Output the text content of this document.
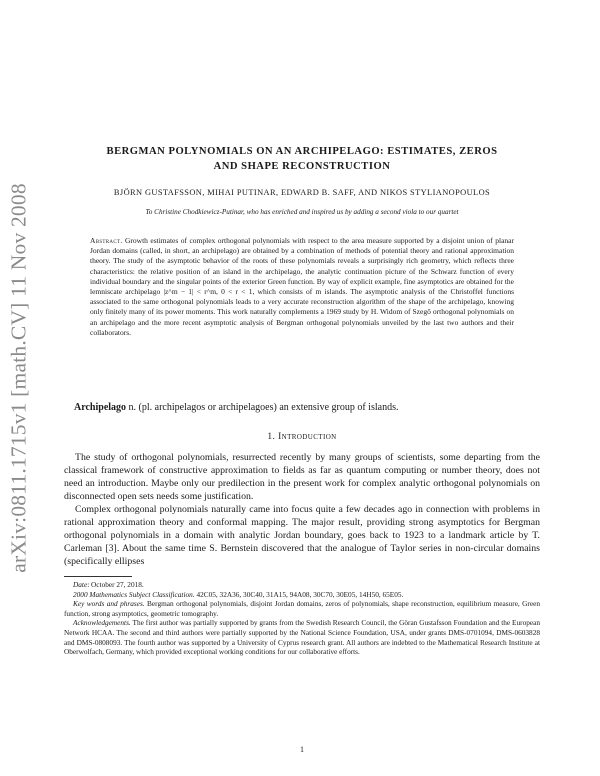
arXiv:0811.1715v1 [math.CV] 11 Nov 2008
BERGMAN POLYNOMIALS ON AN ARCHIPELAGO: ESTIMATES, ZEROS
AND SHAPE RECONSTRUCTION
BJÖRN GUSTAFSSON, MIHAI PUTINAR, EDWARD B. SAFF, AND NIKOS STYLIANOPOULOS
To Christine Chodkiewicz-Putinar, who has enriched and inspired us by adding a second viola to our quartet
Abstract. Growth estimates of complex orthogonal polynomials with respect to the area measure supported by a disjoint union of planar Jordan domains (called, in short, an archipelago) are obtained by a combination of methods of potential theory and rational approximation theory. The study of the asymptotic behavior of the roots of these polynomials reveals a surprisingly rich geometry, which reflects three characteristics: the relative position of an island in the archipelago, the analytic continuation picture of the Schwarz function of every individual boundary and the singular points of the exterior Green function. By way of explicit example, fine asymptotics are obtained for the lemniscate archipelago |z^m − 1| < r^m, 0 < r < 1, which consists of m islands. The asymptotic analysis of the Christoffel functions associated to the same orthogonal polynomials leads to a very accurate reconstruction algorithm of the shape of the archipelago, knowing only finitely many of its power moments. This work naturally complements a 1969 study by H. Widom of Szegő orthogonal polynomials on an archipelago and the more recent asymptotic analysis of Bergman orthogonal polynomials unveiled by the last two authors and their collaborators.
Archipelago n. (pl. archipelagos or archipelagoes) an extensive group of islands.
1. Introduction

The study of orthogonal polynomials, resurrected recently by many groups of scientists, some departing from the classical framework of constructive approximation to fields as far as quantum computing or number theory, does not need an introduction. Maybe only our predilection in the present work for complex analytic orthogonal polynomials on disconnected open sets needs some justification.

Complex orthogonal polynomials naturally came into focus quite a few decades ago in connection with problems in rational approximation theory and conformal mapping. The major result, providing strong asymptotics for Bergman orthogonal polynomials in a domain with analytic Jordan boundary, goes back to 1923 to a landmark article by T. Carleman [3]. About the same time S. Bernstein discovered that the analogue of Taylor series in non-circular domains (specifically ellipses

Date: October 27, 2018.

2000 Mathematics Subject Classification. 42C05, 32A36, 30C40, 31A15, 94A08, 30C70, 30E05, 14H50, 65E05.

Key words and phrases. Bergman orthogonal polynomials, disjoint Jordan domains, zeros of polynomials, shape reconstruction, equilibrium measure, Green function, strong asymptotics, geometric tomography.

Acknowledgements. The first author was partially supported by grants from the Swedish Research Council, the Göran Gustafsson Foundation and the European Network HCAA. The second and third authors were partially supported by the National Science Foundation, USA, under grants DMS-0701094, DMS-0603828 and DMS-0808093. The fourth author was supported by a University of Cyprus research grant. All authors are indebted to the Mathematical Research Institute at Oberwolfach, Germany, which provided exceptional working conditions for our collaborative efforts.

1
